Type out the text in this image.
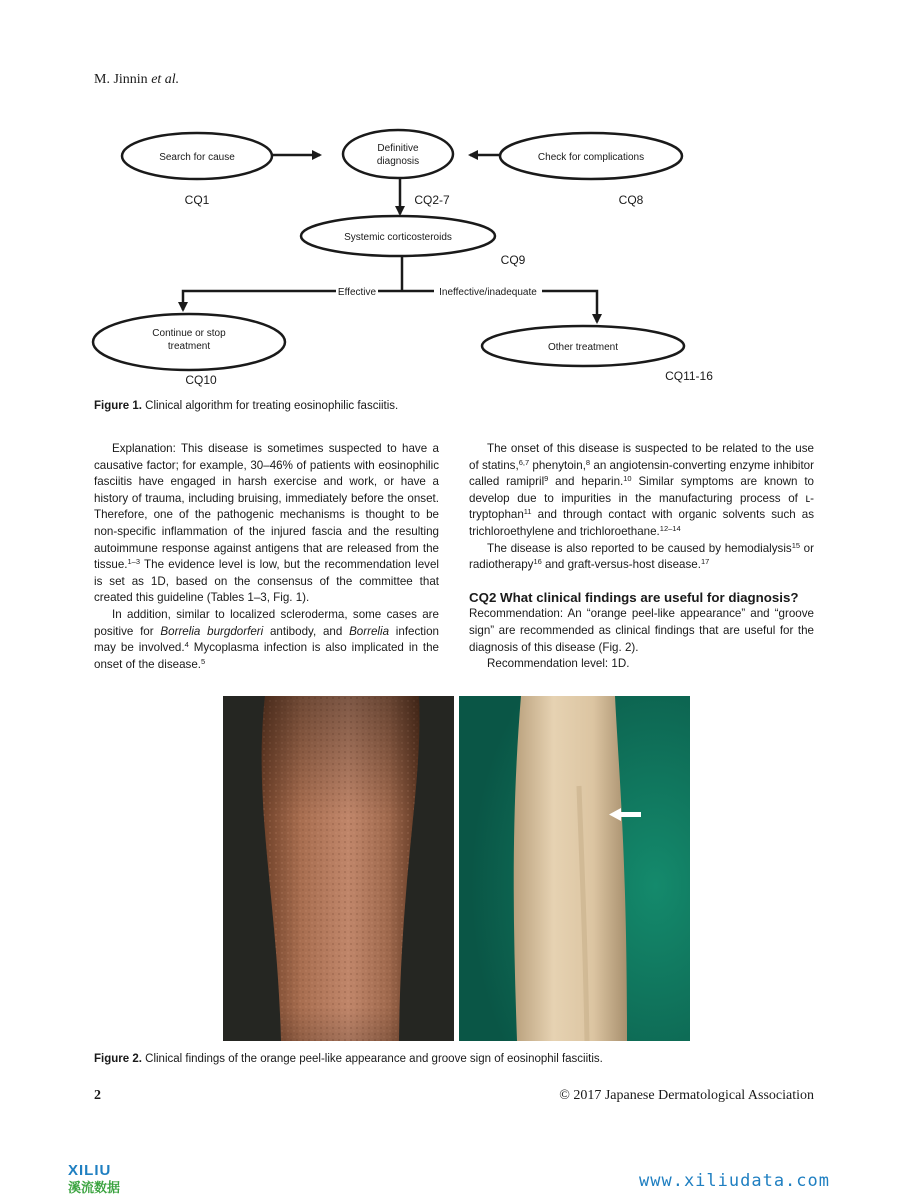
M. Jinnin et al.
Search for cause
Definitive
diagnosis	Check for complications
Systemic corticosteroids
Continue or stop
treatment	Other treatment
Effective	Ineffective/inadequate
CQ1	CQ2-7	CQ8
CQ9
CQ10	CQ11-16
Figure 1. Clinical algorithm for treating eosinophilic fasciitis.

Explanation: This disease is sometimes suspected to have a causative factor; for example, 30–46% of patients with eosinophilic fasciitis have engaged in harsh exercise and work, or have a history of trauma, including bruising, immediately before the onset. Therefore, one of the pathogenic mechanisms is thought to be non-specific inflammation of the injured fascia and the resulting autoimmune response against antigens that are released from the tissue.$^{1-3}$ The evidence level is low, but the recommendation level is set as 1D, based on the consensus of the committee that created this guideline (Tables 1–3, Fig. 1).

In addition, similar to localized scleroderma, some cases are positive for Borrelia burgdorferi antibody, and Borrelia infection may be involved.$^4$ Mycoplasma infection is also implicated in the onset of the disease.$^5$

The onset of this disease is suspected to be related to the use of statins,$^{6,7}$ phenytoin,$^8$ an angiotensin-converting enzyme inhibitor called ramipril$^9$ and heparin.$^{10}$ Similar symptoms are known to develop due to impurities in the manufacturing process of ʟ-tryptophan$^{11}$ and through contact with organic solvents such as trichloroethylene and trichloroethane.$^{12-14}$

The disease is also reported to be caused by hemodialysis$^{15}$ or radiotherapy$^{16}$ and graft-versus-host disease.$^{17}$

CQ2 What clinical findings are useful for diagnosis?

Recommendation: An “orange peel-like appearance” and “groove sign” are recommended as clinical findings that are useful for the diagnosis of this disease (Fig. 2).

Recommendation level: 1D.

Figure 2. Clinical findings of the orange peel-like appearance and groove sign of eosinophil fasciitis.
2	© 2017 Japanese Dermatological Association
XILIU
溪流数据	www.xiliudata.com
